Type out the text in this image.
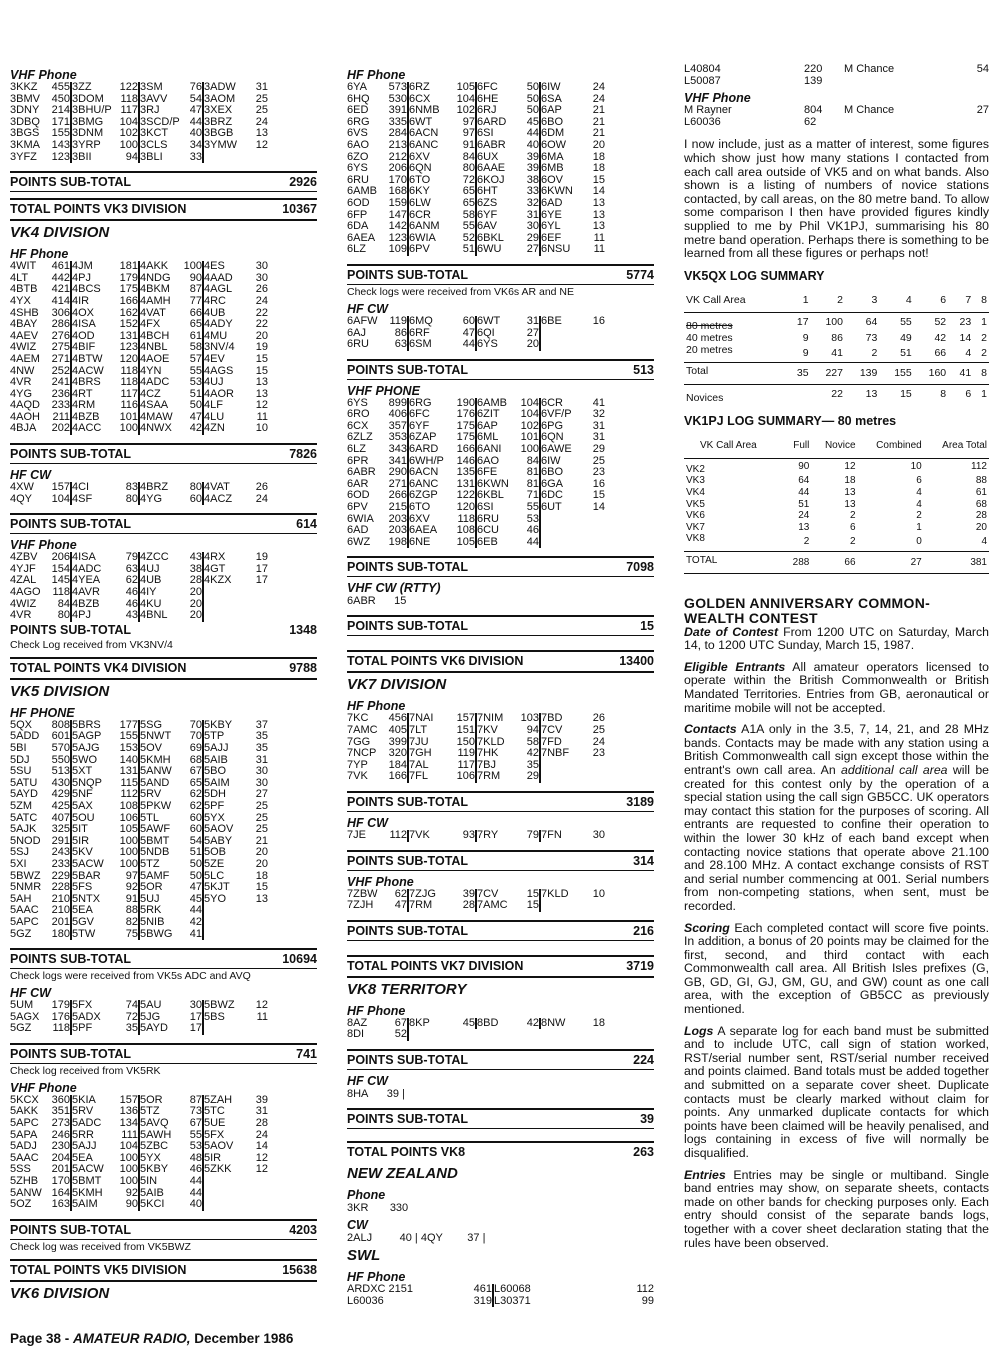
VHF Phone
3KKZ	455	3ZZ	122	3SM	76	3ADW	31
3BMV	450	3DOM	118	3AVV	54	3AOM	25
3DNY	214	3BHU/P	117	3RJ	47	3XEX	25
3DBQ	171	3BMG	104	3SCD/P	44	3BRZ	24
3BGS	155	3DNM	102	3KCT	40	3BGB	13
3KMA	143	3YRP	100	3CLS	34	3YMW	12
3YFZ	123	3BII	94	3BLI	33		
POINTS SUB-TOTAL	2926
TOTAL POINTS VK3 DIVISION	10367
VK4 DIVISION
HF Phone
4WIT	461	4JM	181	4AKK	100	4ES	30
4LT	442	4PJ	179	4NDG	90	4AAD	30
4BTB	421	4BCS	175	4BKM	87	4AGL	26
4YX	414	4IR	166	4AMH	77	4RC	24
4SHB	306	4OX	162	4VAT	66	4UB	22
4BAY	286	4ISA	152	4FX	65	4ADY	22
4AEV	276	4OD	131	4BCH	61	4MU	20
4WIZ	275	4BIF	123	4NBL	58	3NV/4	19
4AEM	271	4BTW	120	4AOE	57	4EV	15
4NW	252	4ACW	118	4YN	55	4AGS	15
4VR	241	4BRS	118	4ADC	53	4UJ	13
4YG	236	4RT	117	4CZ	51	4AOR	13
4AQD	233	4RM	116	4SAA	50	4LF	12
4AOH	211	4BZB	101	4MAW	47	4LU	11
4BJA	202	4ACC	100	4NWX	42	4ZN	10
POINTS SUB-TOTAL	7826
HF CW
4XW	157	4CI	83	4BRZ	80	4VAT	26
4QY	104	4SF	80	4YG	60	4ACZ	24
POINTS SUB-TOTAL	614
VHF Phone
4ZBV	206	4ISA	79	4ZCC	43	4RX	19
4YJF	154	4ADC	63	4UJ	38	4GT	17
4ZAL	145	4YEA	62	4UB	28	4KZX	17
4AGO	118	4AVR	46	4IY	20		
4WIZ	84	4BZB	46	4KU	20		
4VR	80	4PJ	43	4BNL	20		
POINTS SUB-TOTAL	1348
Check Log received from VK3NV/4
TOTAL POINTS VK4 DIVISION	9788
VK5 DIVISION
HF PHONE
5QX	808	5BRS	177	5SG	70	5KBY	37
5ADD	601	5AGP	155	5NWT	70	5TP	35
5BI	570	5AJG	153	5OV	69	5AJJ	35
5DJ	550	5WO	140	5KMH	68	5AIB	31
5SU	513	5XT	131	5ANW	67	5BO	30
5ATU	430	5NQP	115	5AND	65	5AIM	30
5AYD	429	5NF	112	5RV	62	5DH	27
5ZM	425	5AX	108	5PKW	62	5PF	25
5ATC	407	5OU	106	5TL	60	5YX	25
5AJK	325	5IT	105	5AWF	60	5AOV	25
5NOD	291	5IR	100	5BMT	54	5ABY	21
5SJ	243	5KV	100	5NDB	51	5OB	20
5XI	233	5ACW	100	5TZ	50	5ZE	20
5BWZ	229	5BAR	97	5AMF	50	5LC	18
5NMR	228	5FS	92	5OR	47	5KJT	15
5AH	210	5NTX	91	5UJ	45	5YO	13
5AAC	210	5EA	88	5RK	44		
5APC	201	5GV	82	5NIB	42		
5GZ	180	5TW	75	5BWG	41		
POINTS SUB-TOTAL	10694
Check logs were received from VK5s ADC and AVQ
HF CW
5UM	179	5FX	74	5AU	30	5BWZ	12
5AGX	176	5ADX	72	5JG	17	5BS	11
5GZ	118	5PF	35	5AYD	17		
POINTS SUB-TOTAL	741
Check log received from VK5RK
VHF Phone
5KCX	360	5KIA	157	5OR	87	5ZAH	39
5AKK	351	5RV	136	5TZ	73	5TC	31
5APC	273	5ADC	134	5AVQ	67	5UE	28
5APA	246	5RR	111	5AWH	55	5FX	24
5ADJ	230	5AJJ	104	5ZBC	53	5AOV	14
5AAC	204	5EA	100	5YX	48	5IR	12
5SS	201	5ACW	100	5KBY	46	5ZKK	12
5ZHB	170	5BMT	100	5IN	44		
5ANW	164	5KMH	92	5AIB	44		
5OZ	163	5AIM	90	5KCI	40		
POINTS SUB-TOTAL	4203
Check log was received from VK5BWZ
TOTAL POINTS VK5 DIVISION	15638
VK6 DIVISION
HF Phone
6YA	573	6RZ	105	6FC	50	6IW	24
6HQ	530	6CX	104	6HE	50	6SA	24
6ED	391	6NMB	102	6RJ	50	6AP	21
6RG	335	6WT	97	6ARD	45	6BO	21
6VS	284	6ACN	97	6SI	44	6DM	21
6AO	213	6ANC	91	6ABR	40	6OW	20
6ZO	212	6XV	84	6UX	39	6MA	18
6YS	206	6QN	80	6AAE	39	6MB	18
6RU	170	6TO	72	6KOJ	38	6OV	15
6AMB	168	6KY	65	6HT	33	6KWN	14
6OD	159	6LW	65	6ZS	32	6AD	13
6FP	147	6CR	58	6YF	31	6YE	13
6DA	142	6ANM	55	6AV	30	6YL	13
6AEA	123	6WIA	52	6BKL	29	6EF	11
6LZ	109	6PV	51	6WU	27	6NSU	11
POINTS SUB-TOTAL	5774
Check logs were received from VK6s AR and NE
HF CW
6AFW	119	6MQ	60	6WT	31	6BE	16
6AJ	86	6RF	47	6QI	27		
6RU	63	6SM	44	6YS	20		
POINTS SUB-TOTAL	513
VHF PHONE
6YS	899	6RG	190	6AMB	104	6CR	41
6RO	406	6FC	176	6ZIT	104	6VF/P	32
6CX	357	6YF	175	6AP	102	6PG	31
6ZLZ	353	6ZAP	175	6ML	101	6QN	31
6LZ	343	6ARD	166	6ANI	100	6AWE	29
6PR	341	6WH/P	146	6AO	84	6IW	25
6ABR	290	6ACN	135	6FE	81	6BO	23
6AR	271	6ANC	131	6KWN	81	6GA	16
6OD	266	6ZGP	122	6KBL	71	6DC	15
6PV	215	6TO	120	6SI	55	6UT	14
6WIA	203	6XV	118	6RU	53		
6AD	203	6AEA	108	6CU	46		
6WZ	198	6NE	105	6EB	44		
POINTS SUB-TOTAL	7098
VHF CW (RTTY)
6ABR 15
POINTS SUB-TOTAL	15
TOTAL POINTS VK6 DIVISION	13400
VK7 DIVISION
HF Phone
7KC	456	7NAI	157	7NIM	103	7BD	26
7AMC	405	7LT	151	7KV	94	7CV	25
7GG	399	7JU	150	7KLD	58	7FD	24
7NCP	320	7GH	119	7HK	42	7NBF	23
7YP	184	7AL	117	7BJ	35		
7VK	166	7FL	106	7RM	29		
POINTS SUB-TOTAL	3189
HF CW
7JE	112	7VK	93	7RY	79	7FN	30
POINTS SUB-TOTAL	314
VHF Phone
7ZBW	62	7ZJG	39	7CV	15	7KLD	10
7ZJH	47	7RM	28	7AMC	15		
POINTS SUB-TOTAL	216
TOTAL POINTS VK7 DIVISION	3719
VK8 TERRITORY
HF Phone
8AZ	67	8KP	45	8BD	42	8NW	18
8DI	52						
POINTS SUB-TOTAL	224
HF CW
8HA 39 |
POINTS SUB-TOTAL	39
TOTAL POINTS VK8	263
NEW ZEALAND
Phone
3KR 330
CW
2ALJ	40 | 4QY 37 |
SWL
HF Phone
ARDXC 2151	461	L60068	112
L60036	319	L30371	99
L40804	220	M Chance	54
L50087	139		
VHF Phone
M Rayner	804	M Chance	27
L60036	62		

I now include, just as a matter of interest, some figures which show just how many stations I contacted from each call area outside of VK5 and on what bands. Also shown is a listing of numbers of novice stations contacted, by call areas, on the 80 metre band. To allow some comparison I then have provided figures kindly supplied to me by Phil VK1PJ, summarising his 80 metre band operation. Perhaps there is something to be learned from all these figures or perhaps not!

VK5QX LOG SUMMARY
VK Call Area	1	2	3	4	6	7	8
80 metres	17	100	64	55	52	23	1
40 metres	9	86	73	49	42	14	2
20 metres	9	41	2	51	66	4	2
Total	35	227	139	155	160	41	8
Novices		22	13	15	8	6	1
VK1PJ LOG SUMMARY— 80 metres
VK Call Area	Full	Novice	Combined	Area Total
VK2	90	12	10	112
VK3	64	18	6	88
VK4	44	13	4	61
VK5	51	13	4	68
VK6	24	2	2	28
VK7	13	6	1	20
VK8	2	2	0	4
TOTAL	288	66	27	381
GOLDEN ANNIVERSARY COMMON-WEALTH CONTEST

Date of Contest From 1200 UTC on Saturday, March 14, to 1200 UTC Sunday, March 15, 1987.

Eligible Entrants All amateur operators licensed to operate within the British Commonwealth or British Mandated Territories. Entries from GB, aeronautical or maritime mobile will not be accepted.

Contacts A1A only in the 3.5, 7, 14, 21, and 28 MHz bands. Contacts may be made with any station using a British Commonwealth call sign except those within the entrant's own call area. An additional call area will be created for this contest only by the operation of a special station using the call sign GB5CC. UK operators may contact this station for the purposes of scoring. All entrants are requested to confine their operation to within the lower 30 kHz of each band except when contacting novice stations that operate above 21.100 and 28.100 MHz. A contact exchange consists of RST and serial number commencing at 001. Serial numbers from non-competing stations, when sent, must be recorded.

Scoring Each completed contact will score five points. In addition, a bonus of 20 points may be claimed for the first, second, and third contact with each Commonwealth call area. All British Isles prefixes (G, GB, GD, GI, GJ, GM, GU, and GW) count as one call area, with the exception of GB5CC as previously mentioned.

Logs A separate log for each band must be submitted and to include UTC, call sign of station worked, RST/serial number sent, RST/serial number received and points claimed. Band totals must be added together and submitted on a separate cover sheet. Duplicate contacts must be clearly marked without claim for points. Any unmarked duplicate contacts for which points have been claimed will be heavily penalised, and logs containing in excess of five will normally be disqualified.

Entries Entries may be single or multiband. Single band entries may show, on separate sheets, contacts made on other bands for checking purposes only. Each entry should consist of the separate bands logs, together with a cover sheet declaration stating that the rules have been observed.

Page 38 - AMATEUR RADIO, December 1986
